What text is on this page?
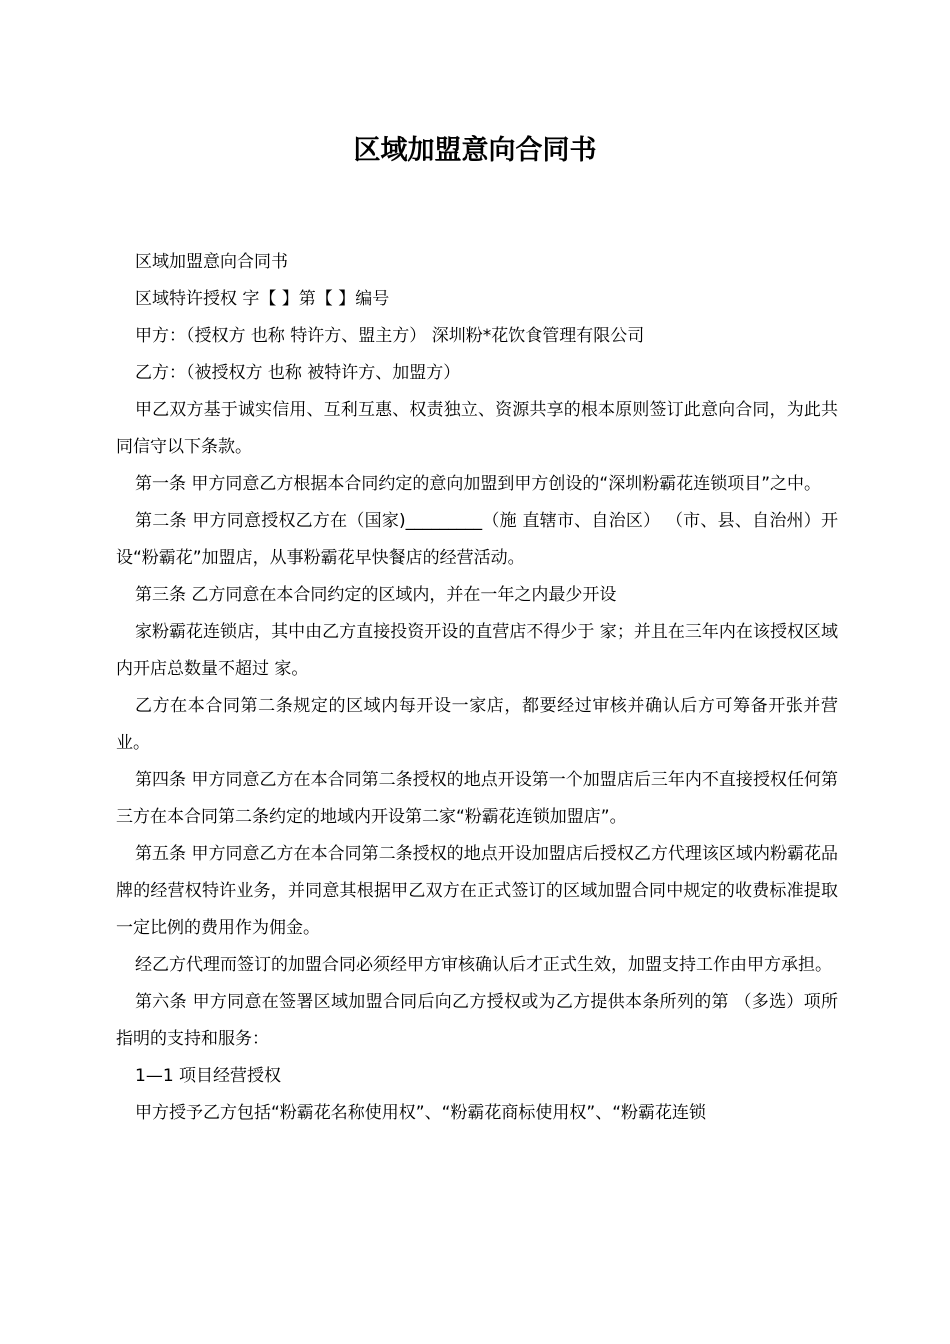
区域加盟意向合同书

区域加盟意向合同书

区域特许授权 字【 】第【 】编号

甲方：（授权方 也称 特许方、盟主方） 深圳粉*花饮食管理有限公司

乙方：（被授权方 也称 被特许方、加盟方）

甲乙双方基于诚实信用、互利互惠、权责独立、资源共享的根本原则签订此意向合同，为此共同信守以下条款。

第一条 甲方同意乙方根据本合同约定的意向加盟到甲方创设的“深圳粉霸花连锁项目”之中。

第二条 甲方同意授权乙方在（国家)_________（施 直辖市、自治区） （市、县、自治州）开设“粉霸花”加盟店，从事粉霸花早快餐店的经营活动。

第三条 乙方同意在本合同约定的区域内，并在一年之内最少开设

家粉霸花连锁店，其中由乙方直接投资开设的直营店不得少于 家；并且在三年内在该授权区域内开店总数量不超过 家。

乙方在本合同第二条规定的区域内每开设一家店，都要经过审核并确认后方可筹备开张并营业。

第四条 甲方同意乙方在本合同第二条授权的地点开设第一个加盟店后三年内不直接授权任何第三方在本合同第二条约定的地域内开设第二家“粉霸花连锁加盟店”。

第五条 甲方同意乙方在本合同第二条授权的地点开设加盟店后授权乙方代理该区域内粉霸花品牌的经营权特许业务，并同意其根据甲乙双方在正式签订的区域加盟合同中规定的收费标准提取一定比例的费用作为佣金。

经乙方代理而签订的加盟合同必须经甲方审核确认后才正式生效，加盟支持工作由甲方承担。

第六条 甲方同意在签署区域加盟合同后向乙方授权或为乙方提供本条所列的第 （多选）项所指明的支持和服务：

1—1 项目经营授权

甲方授予乙方包括“粉霸花名称使用权”、“粉霸花商标使用权”、“粉霸花连锁
